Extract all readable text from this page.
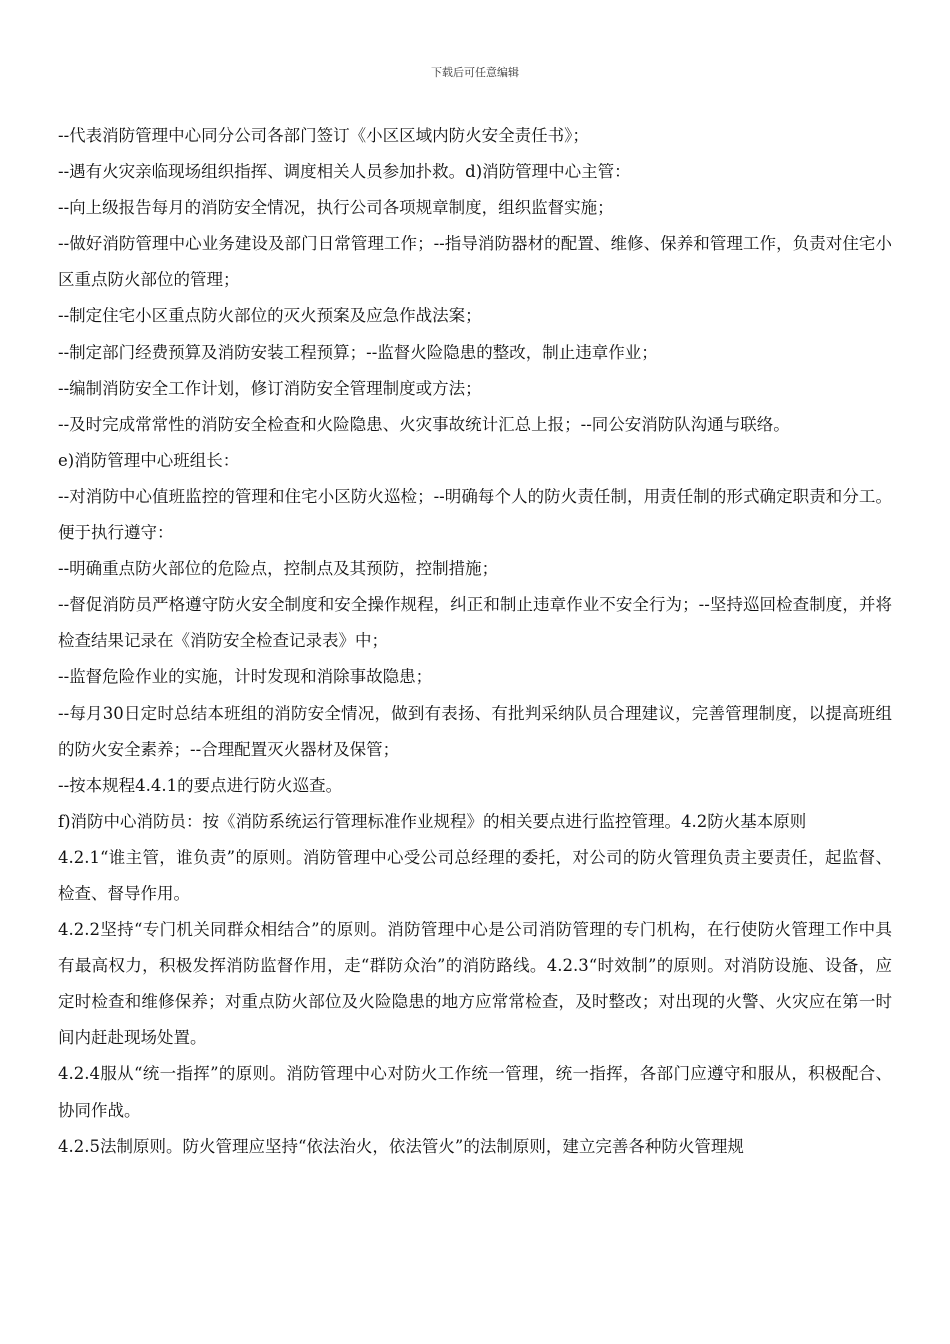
下载后可任意编辑

--代表消防管理中心同分公司各部门签订《小区区域内防火安全责任书》；

--遇有火灾亲临现场组织指挥、调度相关人员参加扑救。d)消防管理中心主管：

--向上级报告每月的消防安全情况，执行公司各项规章制度，组织监督实施；

--做好消防管理中心业务建设及部门日常管理工作；--指导消防器材的配置、维修、保养和管理工作，负责对住宅小区重点防火部位的管理；

--制定住宅小区重点防火部位的灭火预案及应急作战法案；

--制定部门经费预算及消防安装工程预算；--监督火险隐患的整改，制止违章作业；

--编制消防安全工作计划，修订消防安全管理制度或方法；

--及时完成常常性的消防安全检查和火险隐患、火灾事故统计汇总上报；--同公安消防队沟通与联络。

e)消防管理中心班组长：

--对消防中心值班监控的管理和住宅小区防火巡检；--明确每个人的防火责任制，用责任制的形式确定职责和分工。便于执行遵守：

--明确重点防火部位的危险点，控制点及其预防，控制措施；

--督促消防员严格遵守防火安全制度和安全操作规程，纠正和制止违章作业不安全行为；--坚持巡回检查制度，并将检查结果记录在《消防安全检查记录表》中；

--监督危险作业的实施，计时发现和消除事故隐患；

--每月30日定时总结本班组的消防安全情况，做到有表扬、有批判采纳队员合理建议，完善管理制度，以提高班组的防火安全素养；--合理配置灭火器材及保管；

--按本规程4.4.1的要点进行防火巡查。

f)消防中心消防员：按《消防系统运行管理标准作业规程》的相关要点进行监控管理。4.2防火基本原则

4.2.1“谁主管，谁负责”的原则。消防管理中心受公司总经理的委托，对公司的防火管理负责主要责任，起监督、检查、督导作用。

4.2.2坚持“专门机关同群众相结合”的原则。消防管理中心是公司消防管理的专门机构，在行使防火管理工作中具有最高权力，积极发挥消防监督作用，走“群防众治”的消防路线。4.2.3“时效制”的原则。对消防设施、设备，应定时检查和维修保养；对重点防火部位及火险隐患的地方应常常检查，及时整改；对出现的火警、火灾应在第一时间内赶赴现场处置。

4.2.4服从“统一指挥”的原则。消防管理中心对防火工作统一管理，统一指挥，各部门应遵守和服从，积极配合、协同作战。

4.2.5法制原则。防火管理应坚持“依法治火，依法管火”的法制原则，建立完善各种防火管理规
